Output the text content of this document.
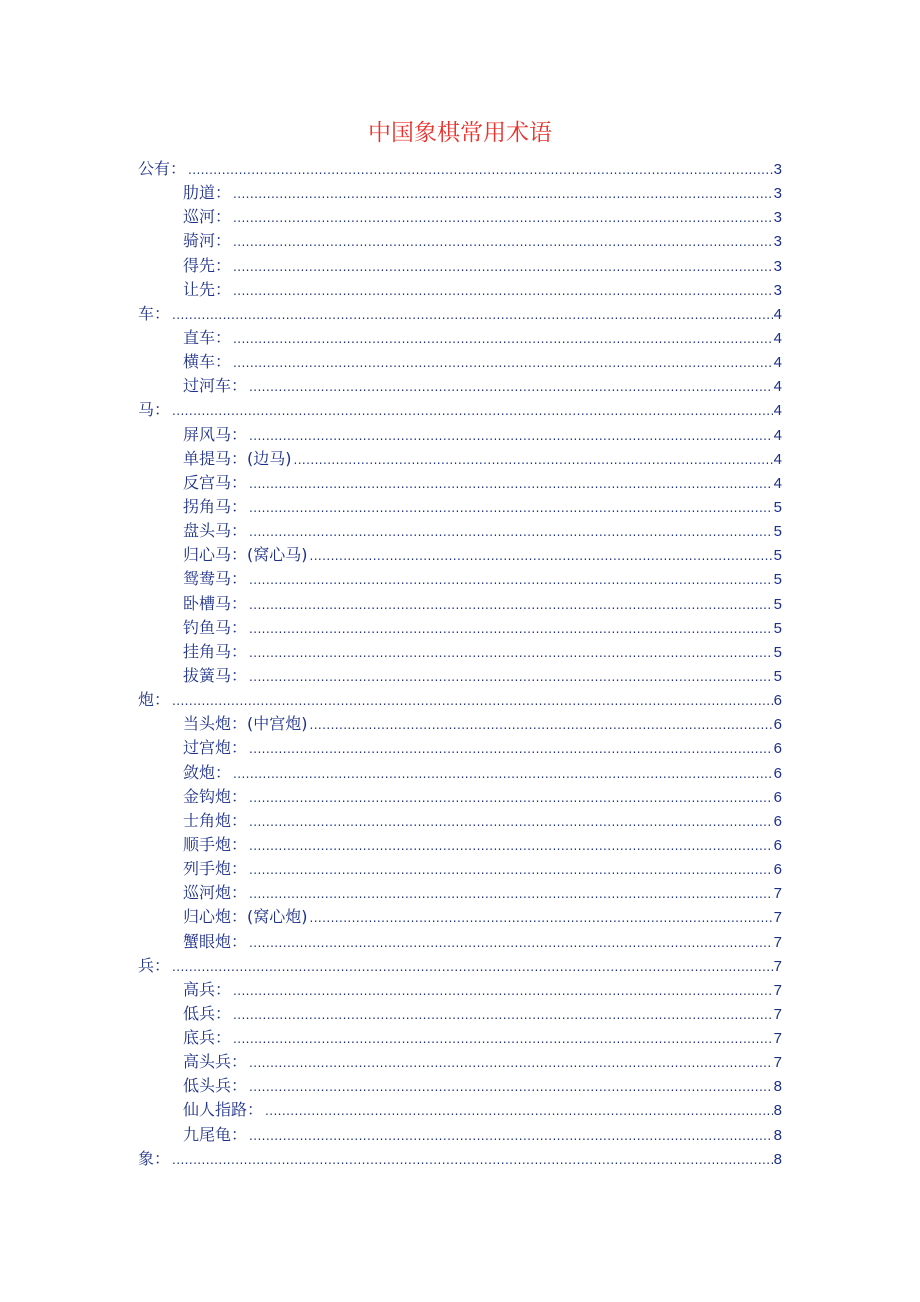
中国象棋常用术语
公有： .....	3
肋道： .....	3
巡河： .....	3
骑河： .....	3
得先： .....	3
让先： .....	3
车： .....	4
直车： .....	4
横车： .....	4
过河车： .....	4
马： .....	4
屏风马： .....	4
单提马：(边马) .....	4
反宫马： .....	4
拐角马： .....	5
盘头马： .....	5
归心马：(窝心马) .....	5
鸳鸯马： .....	5
卧槽马： .....	5
钓鱼马： .....	5
挂角马： .....	5
拔簧马： .....	5
炮： .....	6
当头炮：(中宫炮) .....	6
过宫炮： .....	6
敛炮： .....	6
金钩炮： .....	6
士角炮： .....	6
顺手炮： .....	6
列手炮： .....	6
巡河炮： .....	7
归心炮：(窝心炮) .....	7
蟹眼炮： .....	7
兵： .....	7
高兵： .....	7
低兵： .....	7
底兵： .....	7
高头兵： .....	7
低头兵： .....	8
仙人指路： .....	8
九尾龟： .....	8
象： .....	8
